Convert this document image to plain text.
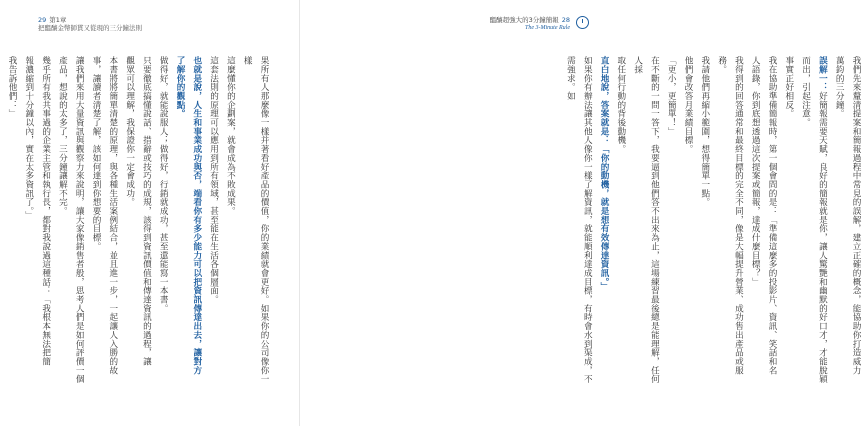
29 第1章
把醞釀金幣師貫又從現的三分鐘法則

果所有人那麼像一樣并著看好產品的價值，你的業績就會更好。如果你的公司像你一樣

這麼懂你的企劃案，就會成為不敗成果。

這套法則的原理可以應用到所有領域，甚至能在生活各個層面。

也就是說，人生和事業成功與否，端看你有多少能力可以把資訊傳達出去，讓對方

了解你的觀點。

做得好，就能說服人；做得好，行銷就成功，甚至還能寫一本書。

只要徹底搞懂說話、措辭或技巧的成規，該得到資訊價值和傳達資訊的過程，讓

觀眾可以理解，我保證你一定會成功。

本書將將簡單清楚的原理，與各種生活案例結合，並且進一步，一起讓人入勝的故

事，讓讀者清楚了解，該如何達到你想要的目標。

讓我們來用大量資訊與觀察力來說明，讓大家像銷售者般，思考人們是如何評價一個產品，想說的太多了，三分鐘讓解不完。

幾乎所有我共事過的企業主管和執行長，都對我說過這種話：「我根本無法把簡

報濃縮到十分鐘以內，實在太多資訊了。」

我告訴他們：」

醞釀超強大的3分鐘簡報 28
The 3-Minute Rule

我們先來釐清提案和簡報過程中常見的誤解，建立正確的概念，能協助你打造威力

萬鈞的三分鐘。

誤解一：好簡報需要天賦，良好的簡報就是你，讓人驚艷和幽默的好口才，才能脫穎而出，引起注意。

事實正好相反。

我在協助準備簡報時，第一個會問的是：「準備這麼多的投影片、資訊、笑話和名

人語錄，你到底想透過這次提案或簡報，達成什麼目標？」

我得到的回答通常和最終目標的完全不同，像是大幅提升營業、成功售出產品或服務。

我請他們再縮小範圍，想得簡單一點。

他們會改答月業績目標。

「更小，更簡單！」

在不斷的一問一答下，我要逼到他們答不出來為止，這場練習最後總是能理解，任何人採

取任何行動的背後動機。

直白地說，答案就是：「你的動機，就是想有效傳達資訊。」

如果你有辦法讓其他人像你一樣了解資訊，就能順利達成目標，有時會水到渠成，不需強求。如
